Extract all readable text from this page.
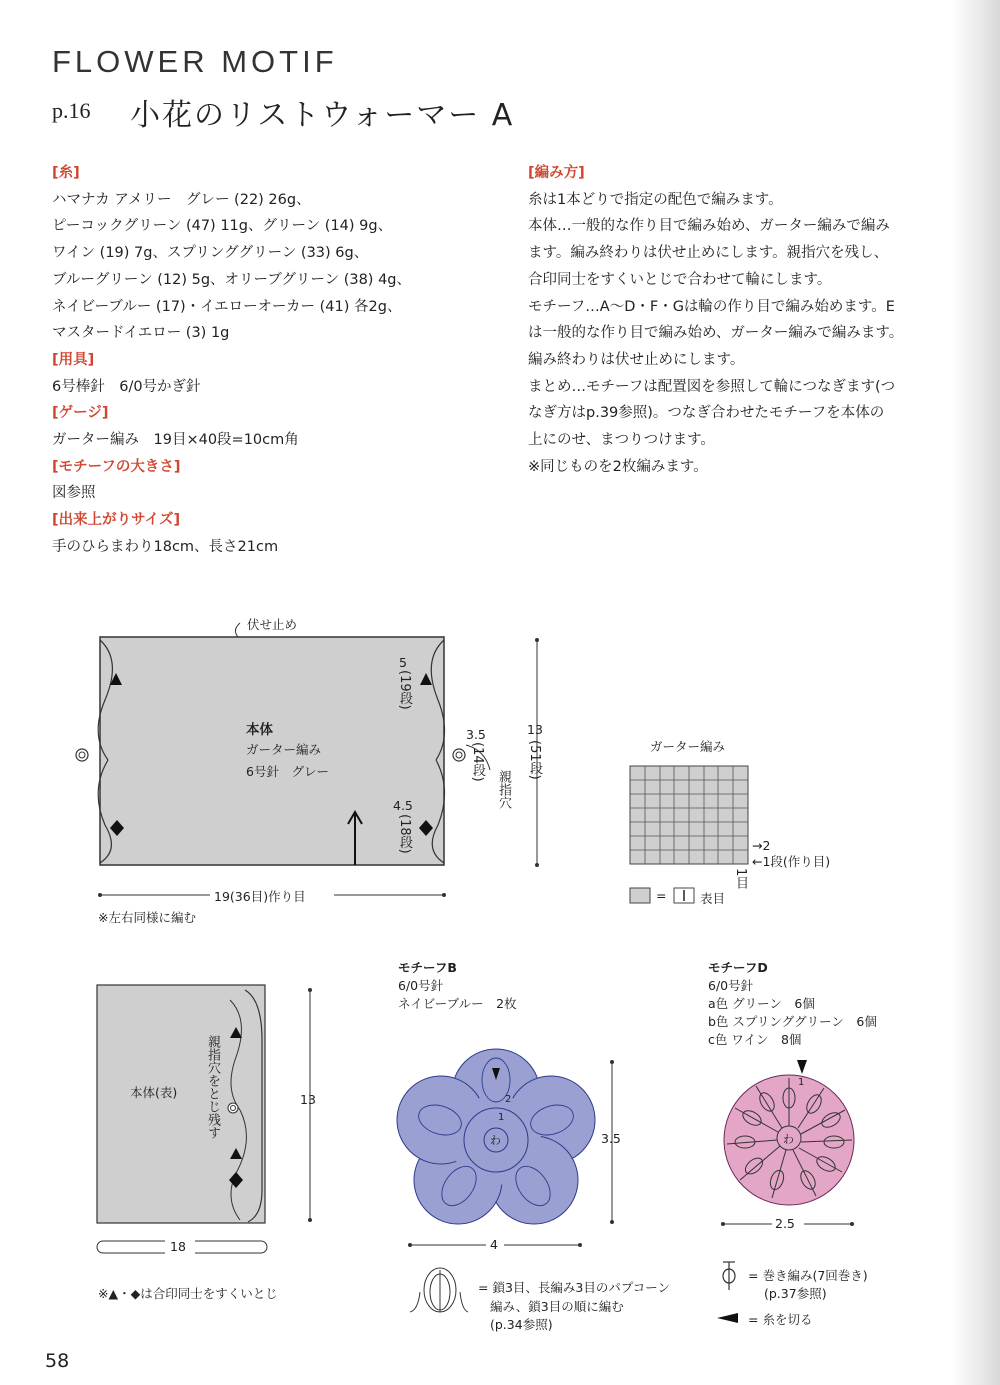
FLOWER MOTIF
p.16 小花のリストウォーマー A
[糸]
ハマナカ アメリー　グレー (22) 26g、
ピーコックグリーン (47) 11g、グリーン (14) 9g、
ワイン (19) 7g、スプリンググリーン (33) 6g、
ブルーグリーン (12) 5g、オリーブグリーン (38) 4g、
ネイビーブルー (17)・イエローオーカー (41) 各2g、
マスタードイエロー (3) 1g
[用具]
6号棒針　6/0号かぎ針
[ゲージ]
ガーター編み　19目×40段=10cm角
[モチーフの大きさ]
図参照
[出来上がりサイズ]
手のひらまわり18cm、長さ21cm
[編み方]
糸は1本どりで指定の配色で編みます。
本体…一般的な作り目で編み始め、ガーター編みで編み
ます。編み終わりは伏せ止めにします。親指穴を残し、
合印同士をすくいとじで合わせて輪にします。
モチーフ…A～D・F・Gは輪の作り目で編み始めます。E
は一般的な作り目で編み始め、ガーター編みで編みます。
編み終わりは伏せ止めにします。
まとめ…モチーフは配置図を参照して輪につなぎます(つ
なぎ方はp.39参照)。つなぎ合わせたモチーフを本体の
上にのせ、まつりつけます。
※同じものを2枚編みます。
伏せ止め
本体
ガーター編み
6号針　グレー
5
(19段)
3.5
(14段)
親指穴
4.5
(18段)
13
(51段)
19(36目)作り目
※左右同様に編む
ガーター編み
→2
←1段(作り目)
1目
=	表目
本体(表) 親指穴をとじ残す	13
18
※▲・◆は合印同士をすくいとじ
モチーフB
6/0号針
ネイビーブルー　2枚
わ
2
1
3.5
4
モチーフD
6/0号針
a色 グリーン　6個
b色 スプリンググリーン　6個
c色 ワイン　8個
わ
1
2.5
= 鎖3目、長編み3目のパプコーン
編み、鎖3目の順に編む
(p.34参照)
= 巻き編み(7回巻き)
(p.37参照)
= 糸を切る
58
